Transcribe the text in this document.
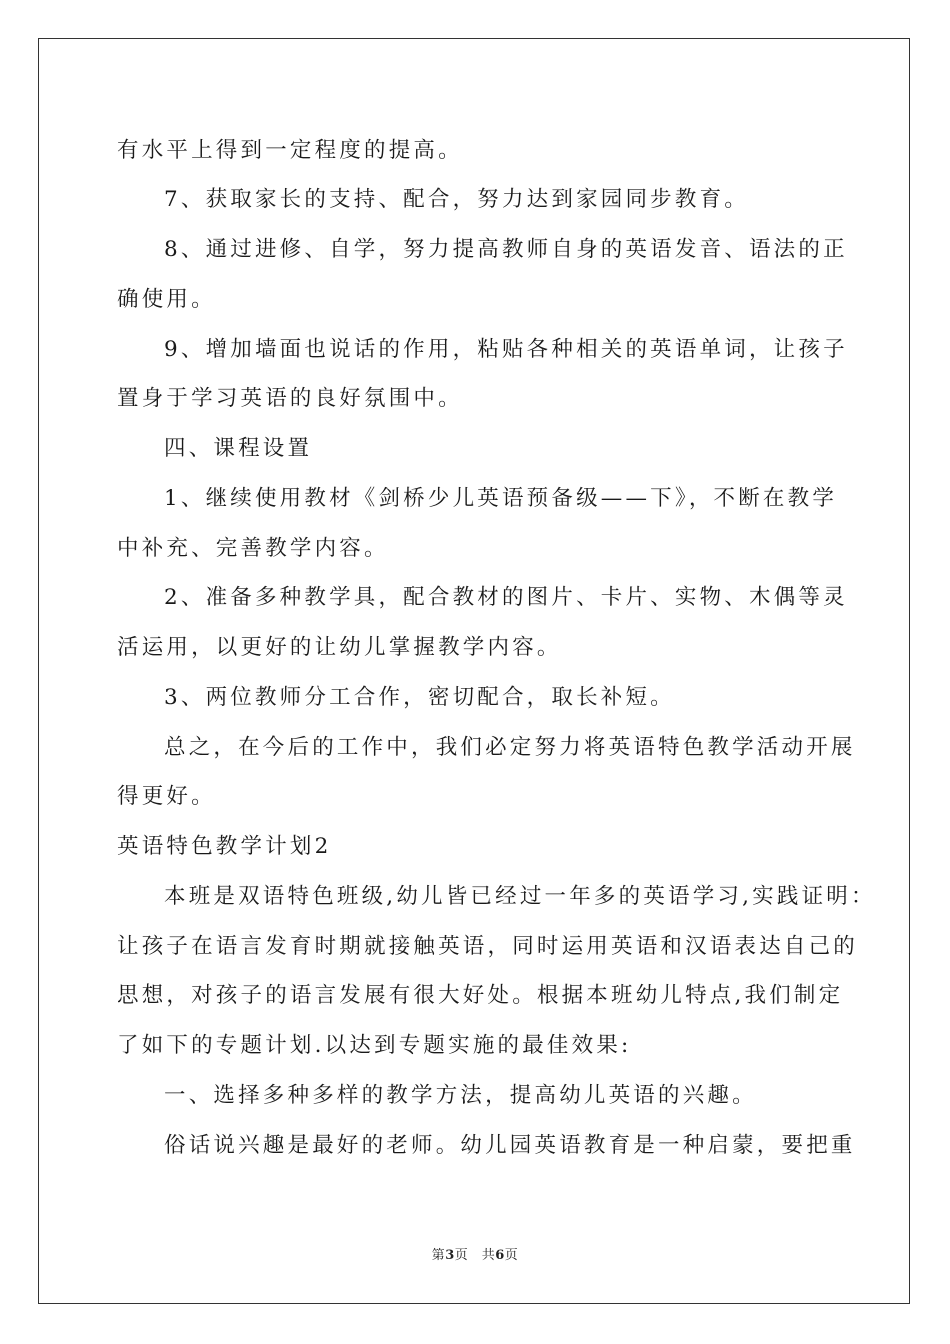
有水平上得到一定程度的提高。
7、获取家长的支持、配合，努力达到家园同步教育。
8、通过进修、自学，努力提高教师自身的英语发音、语法的正
确使用。
9、增加墙面也说话的作用，粘贴各种相关的英语单词，让孩子
置身于学习英语的良好氛围中。
四、课程设置
1、继续使用教材《剑桥少儿英语预备级——下》，不断在教学
中补充、完善教学内容。
2、准备多种教学具，配合教材的图片、卡片、实物、木偶等灵
活运用，以更好的让幼儿掌握教学内容。
3、两位教师分工合作，密切配合，取长补短。
总之，在今后的工作中，我们必定努力将英语特色教学活动开展
得更好。
英语特色教学计划2
本班是双语特色班级,幼儿皆已经过一年多的英语学习,实践证明：
让孩子在语言发育时期就接触英语，同时运用英语和汉语表达自己的
思想，对孩子的语言发展有很大好处。根据本班幼儿特点,我们制定
了如下的专题计划.以达到专题实施的最佳效果:
一、选择多种多样的教学方法，提高幼儿英语的兴趣。
俗话说兴趣是最好的老师。幼儿园英语教育是一种启蒙，要把重
第3页　共6页
